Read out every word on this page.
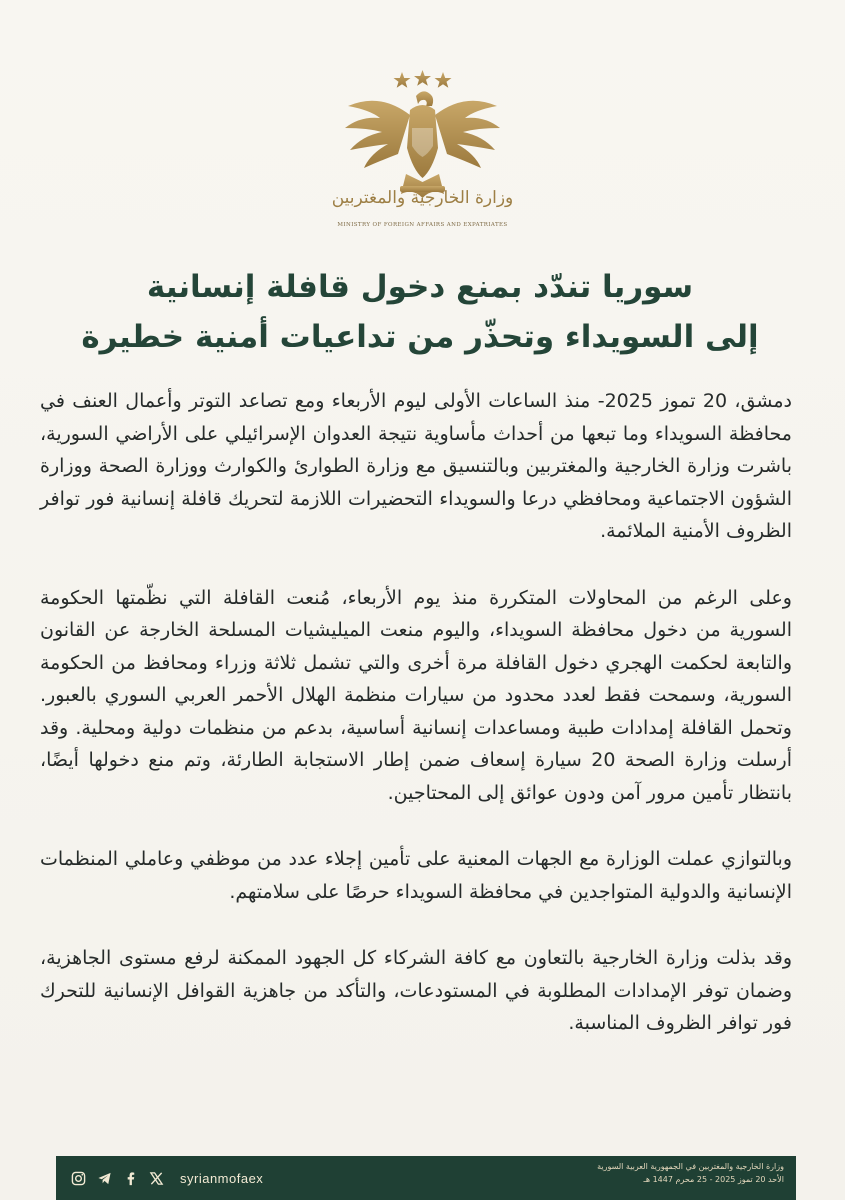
وزارة الخارجية والمغتربين
MINISTRY OF FOREIGN AFFAIRS AND EXPATRIATES
سوريا تندّد بمنع دخول قافلة إنسانية
إلى السويداء وتحذّر من تداعيات أمنية خطيرة

دمشق، 20 تموز 2025- منذ الساعات الأولى ليوم الأربعاء ومع تصاعد التوتر وأعمال العنف في محافظة السويداء وما تبعها من أحداث مأساوية نتيجة العدوان الإسرائيلي على الأراضي السورية، باشرت وزارة الخارجية والمغتربين وبالتنسيق مع وزارة الطوارئ والكوارث ووزارة الصحة ووزارة الشؤون الاجتماعية ومحافظي درعا والسويداء التحضيرات اللازمة لتحريك قافلة إنسانية فور توافر الظروف الأمنية الملائمة.

وعلى الرغم من المحاولات المتكررة منذ يوم الأربعاء، مُنعت القافلة التي نظّمتها الحكومة السورية من دخول محافظة السويداء، واليوم منعت الميليشيات المسلحة الخارجة عن القانون والتابعة لحكمت الهجري دخول القافلة مرة أخرى والتي تشمل ثلاثة وزراء ومحافظ من الحكومة السورية، وسمحت فقط لعدد محدود من سيارات منظمة الهلال الأحمر العربي السوري بالعبور. وتحمل القافلة إمدادات طبية ومساعدات إنسانية أساسية، بدعم من منظمات دولية ومحلية. وقد أرسلت وزارة الصحة 20 سيارة إسعاف ضمن إطار الاستجابة الطارئة، وتم منع دخولها أيضًا، بانتظار تأمين مرور آمن ودون عوائق إلى المحتاجين.

وبالتوازي عملت الوزارة مع الجهات المعنية على تأمين إجلاء عدد من موظفي وعاملي المنظمات الإنسانية والدولية المتواجدين في محافظة السويداء حرصًا على سلامتهم.

وقد بذلت وزارة الخارجية بالتعاون مع كافة الشركاء كل الجهود الممكنة لرفع مستوى الجاهزية، وضمان توفر الإمدادات المطلوبة في المستودعات، والتأكد من جاهزية القوافل الإنسانية للتحرك فور توافر الظروف المناسبة.

syrianmofaex
وزارة الخارجية والمغتربين في الجمهورية العربية السورية
الأحد 20 تموز 2025 - 25 محرم 1447 هـ
